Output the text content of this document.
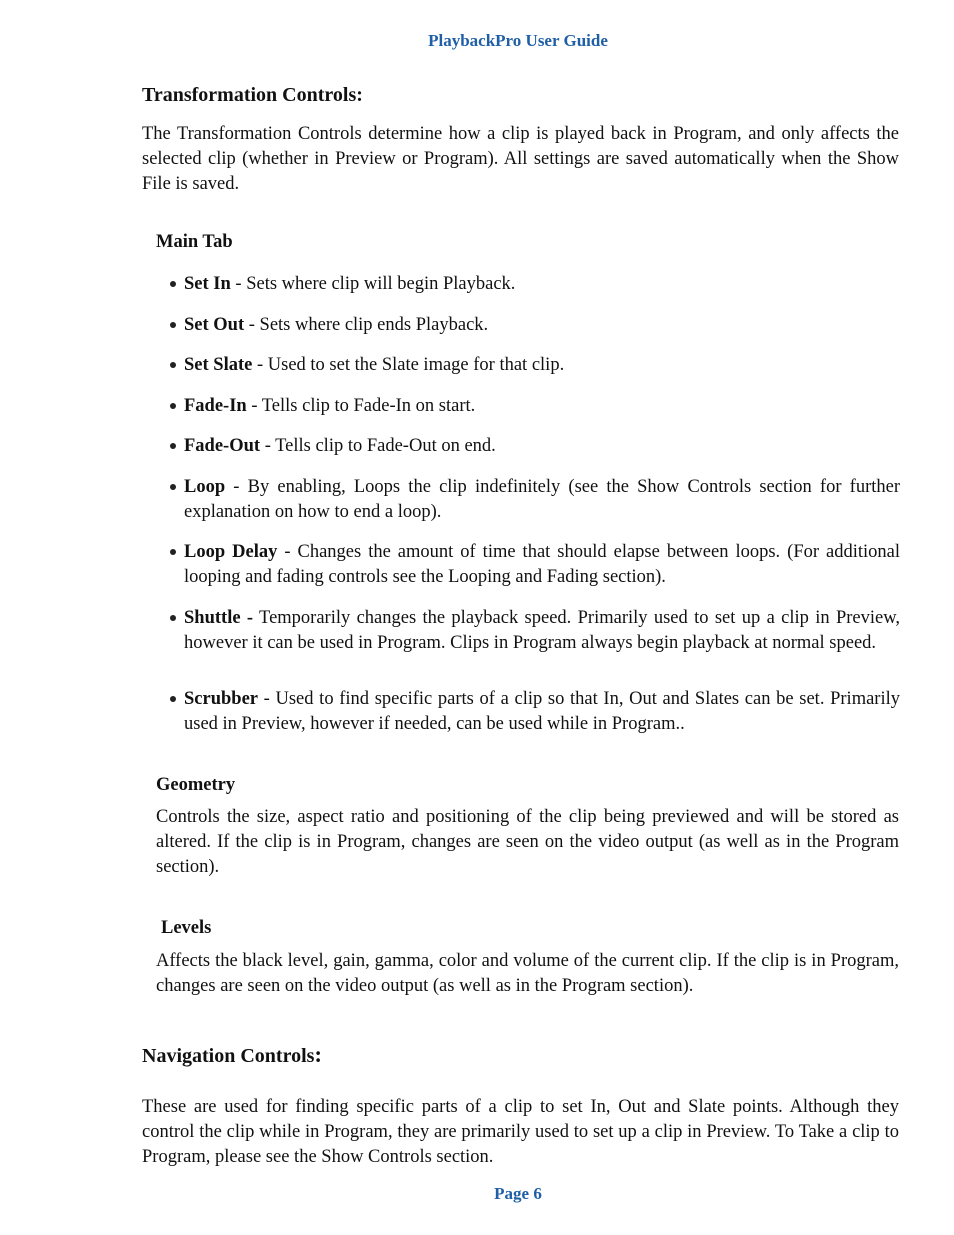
PlaybackPro User Guide
Transformation Controls:
The Transformation Controls determine how a clip is played back in Program, and only affects the selected clip (whether in Preview or Program). All settings are saved automatically when the Show File is saved.
Main Tab
Set In - Sets where clip will begin Playback.
Set Out - Sets where clip ends Playback.
Set Slate - Used to set the Slate image for that clip.
Fade-In - Tells clip to Fade-In on start.
Fade-Out - Tells clip to Fade-Out on end.
Loop - By enabling, Loops the clip indefinitely (see the Show Controls section for further explanation on how to end a loop).
Loop Delay - Changes the amount of time that should elapse between loops. (For additional looping and fading controls see the Looping and Fading section).
Shuttle - Temporarily changes the playback speed. Primarily used to set up a clip in Preview, however it can be used in Program. Clips in Program always begin playback at normal speed.
Scrubber - Used to find specific parts of a clip so that In, Out and Slates can be set. Primarily used in Preview, however if needed, can be used while in Program..
Geometry
Controls the size, aspect ratio and positioning of the clip being previewed and will be stored as altered. If the clip is in Program, changes are seen on the video output (as well as in the Program section).
Levels
Affects the black level, gain, gamma, color and volume of the current clip. If the clip is in Program, changes are seen on the video output (as well as in the Program section).
Navigation Controls:
These are used for finding specific parts of a clip to set In, Out and Slate points. Although they control the clip while in Program, they are primarily used to set up a clip in Preview. To Take a clip to Program, please see the Show Controls section.
Page 6
